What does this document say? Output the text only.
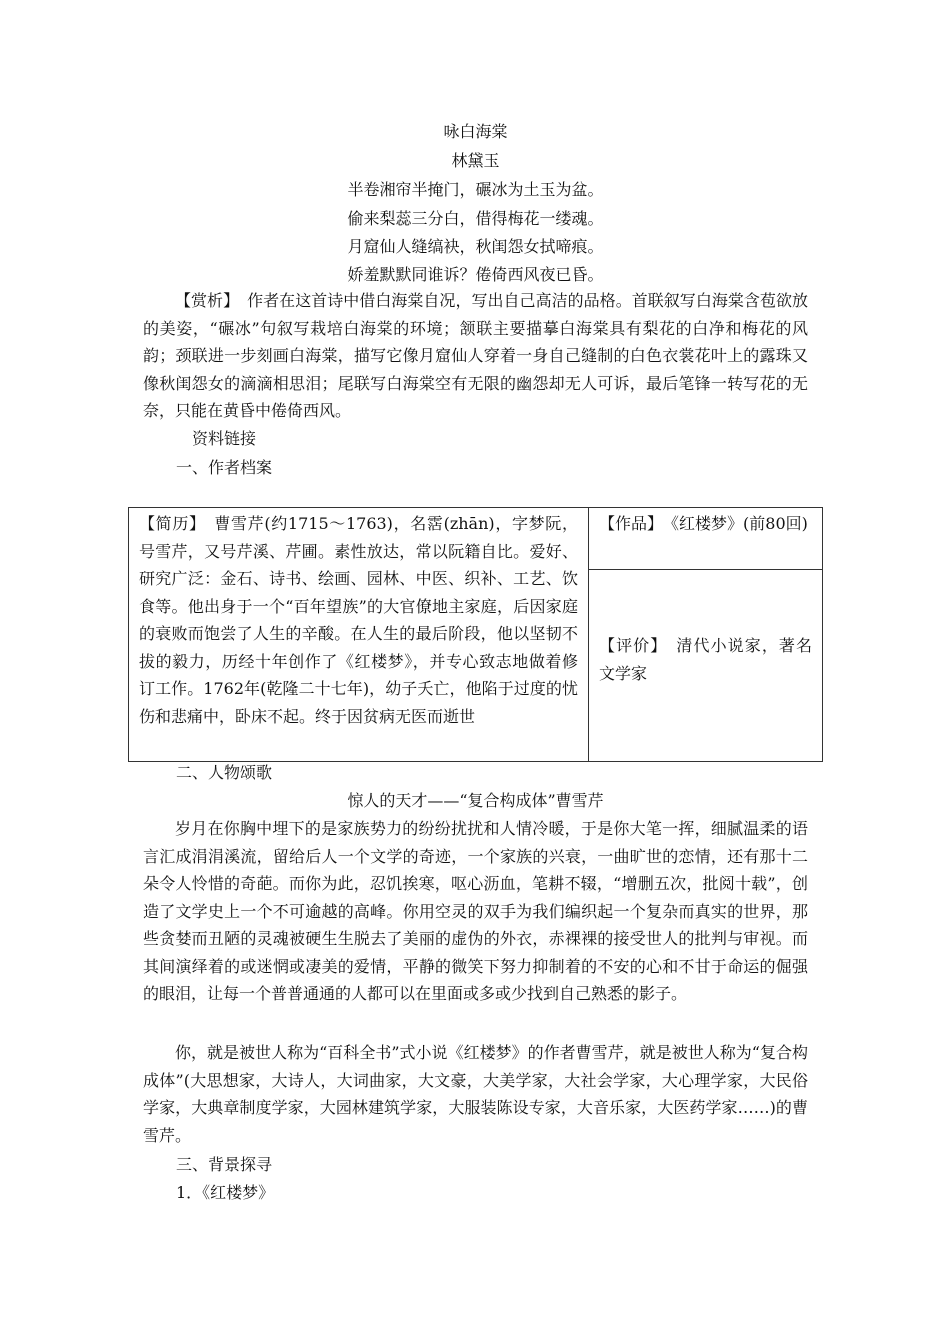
咏白海棠
林黛玉
半卷湘帘半掩门，碾冰为土玉为盆。
偷来梨蕊三分白，借得梅花一缕魂。
月窟仙人缝缟袂，秋闺怨女拭啼痕。
娇羞默默同谁诉？倦倚西风夜已昏。

【赏析】　作者在这首诗中借白海棠自况，写出自己高洁的品格。首联叙写白海棠含苞欲放的美姿，“碾冰”句叙写栽培白海棠的环境；颔联主要描摹白海棠具有梨花的白净和梅花的风韵；颈联进一步刻画白海棠，描写它像月窟仙人穿着一身自己缝制的白色衣裳花叶上的露珠又像秋闺怨女的滴滴相思泪；尾联写白海棠空有无限的幽怨却无人可诉，最后笔锋一转写花的无奈，只能在黄昏中倦倚西风。

资料链接
一、作者档案
【简历】　曹雪芹(约1715～1763)，名霑(zhān)，字梦阮，号雪芹，又号芹溪、芹圃。素性放达，常以阮籍自比。爱好、研究广泛：金石、诗书、绘画、园林、中医、织补、工艺、饮食等。他出身于一个“百年望族”的大官僚地主家庭，后因家庭的衰败而饱尝了人生的辛酸。在人生的最后阶段，他以坚韧不拔的毅力，历经十年创作了《红楼梦》，并专心致志地做着修订工作。1762年(乾隆二十七年)，幼子夭亡，他陷于过度的忧伤和悲痛中，卧床不起。终于因贫病无医而逝世
【作品】　《红楼梦》(前80回)
【评价】　清代小说家，著名文学家
二、人物颂歌
惊人的天才——“复合构成体”曹雪芹

岁月在你胸中埋下的是家族势力的纷纷扰扰和人情冷暖，于是你大笔一挥，细腻温柔的语言汇成涓涓溪流，留给后人一个文学的奇迹，一个家族的兴衰，一曲旷世的恋情，还有那十二朵令人怜惜的奇葩。而你为此，忍饥挨寒，呕心沥血，笔耕不辍，“增删五次，批阅十载”，创造了文学史上一个不可逾越的高峰。你用空灵的双手为我们编织起一个复杂而真实的世界，那些贪婪而丑陋的灵魂被硬生生脱去了美丽的虚伪的外衣，赤裸裸的接受世人的批判与审视。而其间演绎着的或迷惘或凄美的爱情，平静的微笑下努力抑制着的不安的心和不甘于命运的倔强的眼泪，让每一个普普通通的人都可以在里面或多或少找到自己熟悉的影子。

你，就是被世人称为“百科全书”式小说《红楼梦》的作者曹雪芹，就是被世人称为“复合构成体”(大思想家，大诗人，大词曲家，大文豪，大美学家，大社会学家，大心理学家，大民俗学家，大典章制度学家，大园林建筑学家，大服装陈设专家，大音乐家，大医药学家……)的曹雪芹。

三、背景探寻
1．《红楼梦》
